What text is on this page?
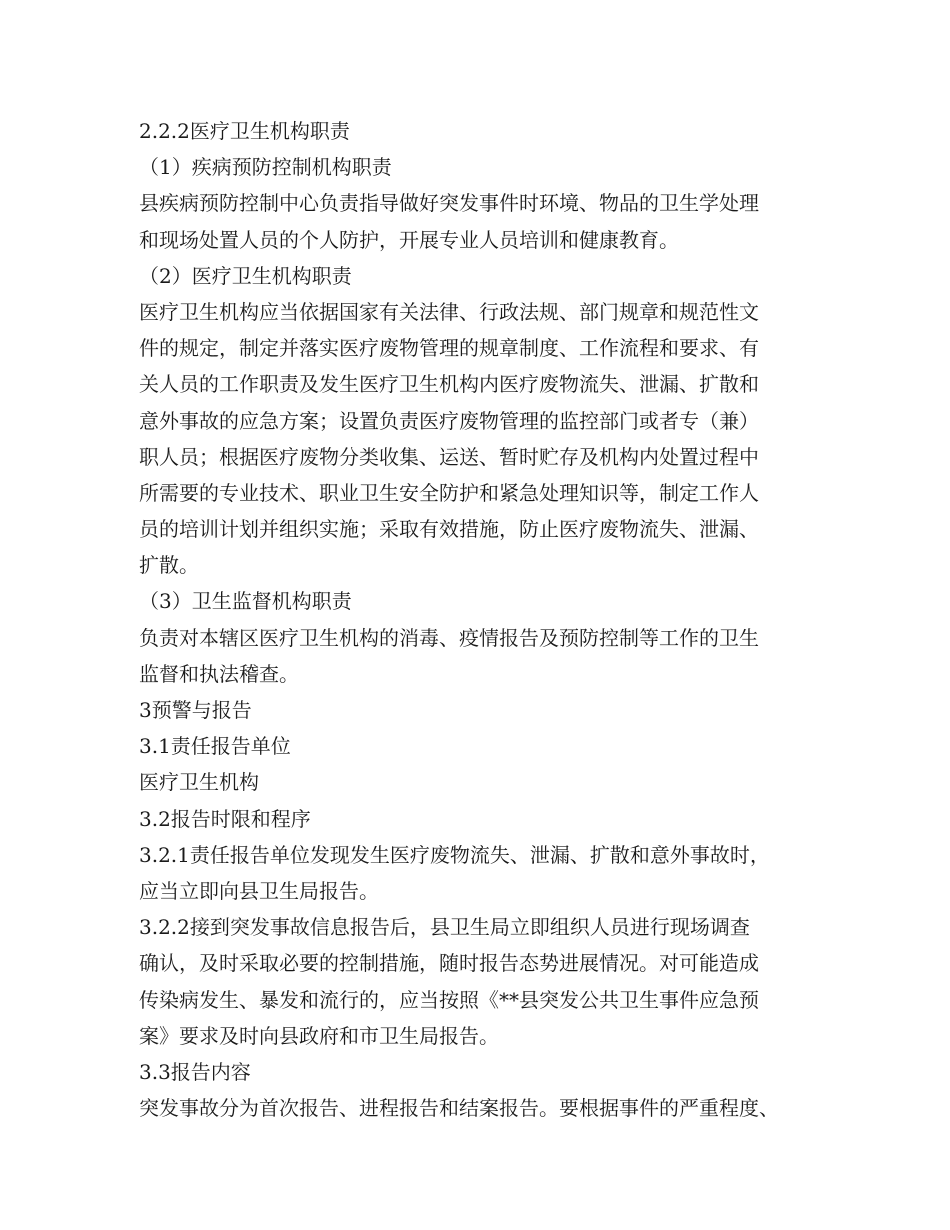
2.2.2医疗卫生机构职责
（1）疾病预防控制机构职责
县疾病预防控制中心负责指导做好突发事件时环境、物品的卫生学处理
和现场处置人员的个人防护，开展专业人员培训和健康教育。
（2）医疗卫生机构职责
医疗卫生机构应当依据国家有关法律、行政法规、部门规章和规范性文
件的规定，制定并落实医疗废物管理的规章制度、工作流程和要求、有
关人员的工作职责及发生医疗卫生机构内医疗废物流失、泄漏、扩散和
意外事故的应急方案；设置负责医疗废物管理的监控部门或者专（兼）
职人员；根据医疗废物分类收集、运送、暂时贮存及机构内处置过程中
所需要的专业技术、职业卫生安全防护和紧急处理知识等，制定工作人
员的培训计划并组织实施；采取有效措施，防止医疗废物流失、泄漏、
扩散。
（3）卫生监督机构职责
负责对本辖区医疗卫生机构的消毒、疫情报告及预防控制等工作的卫生
监督和执法稽查。
3预警与报告
3.1责任报告单位
医疗卫生机构
3.2报告时限和程序
3.2.1责任报告单位发现发生医疗废物流失、泄漏、扩散和意外事故时，
应当立即向县卫生局报告。
3.2.2接到突发事故信息报告后，县卫生局立即组织人员进行现场调查
确认，及时采取必要的控制措施，随时报告态势进展情况。对可能造成
传染病发生、暴发和流行的，应当按照《**县突发公共卫生事件应急预
案》要求及时向县政府和市卫生局报告。
3.3报告内容
突发事故分为首次报告、进程报告和结案报告。要根据事件的严重程度、
